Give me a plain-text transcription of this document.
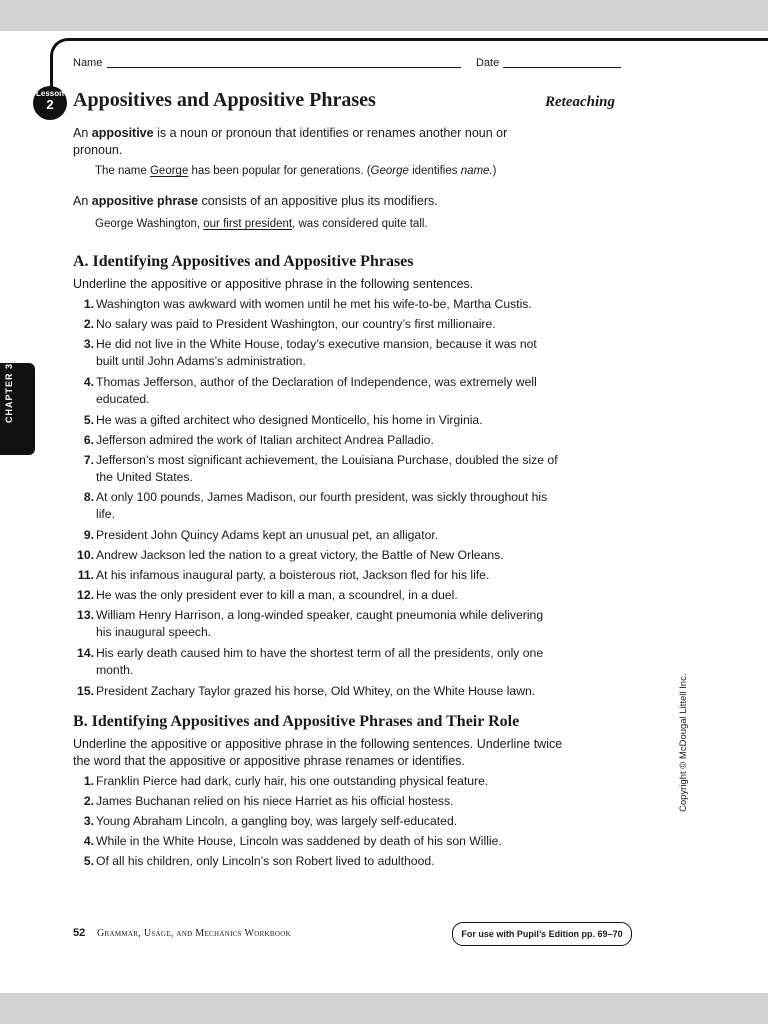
Name	Date
Lesson
2 Appositives and Appositive Phrases	Reteaching
An appositive is a noun or pronoun that identifies or renames another noun or pronoun.
The name George has been popular for generations. (George identifies name.)
An appositive phrase consists of an appositive plus its modifiers.
George Washington, our first president, was considered quite tall.
A. Identifying Appositives and Appositive Phrases
Underline the appositive or appositive phrase in the following sentences.
1. Washington was awkward with women until he met his wife-to-be, Martha Custis.
2. No salary was paid to President Washington, our country’s first millionaire.
3. He did not live in the White House, today’s executive mansion, because it was not built until John Adams’s administration.
4. Thomas Jefferson, author of the Declaration of Independence, was extremely well educated.
5. He was a gifted architect who designed Monticello, his home in Virginia.
6. Jefferson admired the work of Italian architect Andrea Palladio.
7. Jefferson’s most significant achievement, the Louisiana Purchase, doubled the size of the United States.
8. At only 100 pounds, James Madison, our fourth president, was sickly throughout his life.
9. President John Quincy Adams kept an unusual pet, an alligator.
10. Andrew Jackson led the nation to a great victory, the Battle of New Orleans.
11. At his infamous inaugural party, a boisterous riot, Jackson fled for his life.
12. He was the only president ever to kill a man, a scoundrel, in a duel.
13. William Henry Harrison, a long-winded speaker, caught pneumonia while delivering his inaugural speech.
14. His early death caused him to have the shortest term of all the presidents, only one month.
15. President Zachary Taylor grazed his horse, Old Whitey, on the White House lawn.
B. Identifying Appositives and Appositive Phrases and Their Role
Underline the appositive or appositive phrase in the following sentences. Underline twice the word that the appositive or appositive phrase renames or identifies.
1. Franklin Pierce had dark, curly hair, his one outstanding physical feature.
2. James Buchanan relied on his niece Harriet as his official hostess.
3. Young Abraham Lincoln, a gangling boy, was largely self-educated.
4. While in the White House, Lincoln was saddened by death of his son Willie.
5. Of all his children, only Lincoln’s son Robert lived to adulthood.
CHAPTER 3
Copyright © McDougal Littell Inc.
52 Grammar, Usage, and Mechanics Workbook	For use with Pupil’s Edition pp. 69–70
